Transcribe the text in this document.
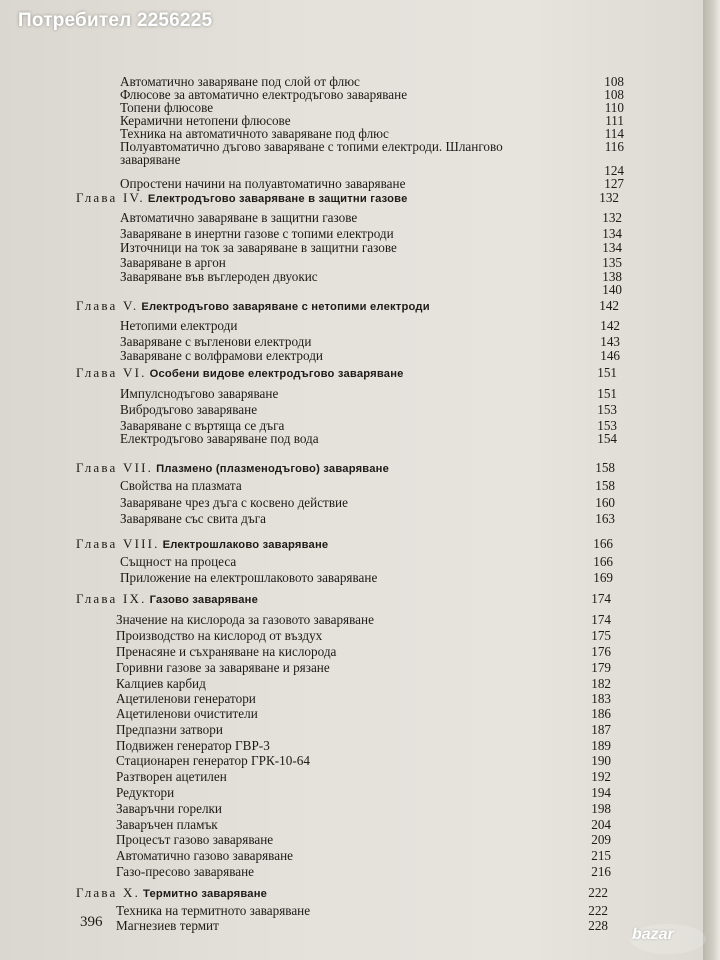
Потребител 2256225
Автоматично заваряване под слой от флюс	108
Флюсове за автоматично електродъгово заваряване	108
Топени флюсове	110
Керамични нетопени флюсове	111
Техника на автоматичното заваряване под флюс	114
Полуавтоматично дъгово заваряване с топими електроди. Шлангово	116
заваряване
124
Опростени начини на полуавтоматично заваряване	127
Глава IV. Електродъгово заваряване в защитни газове	132
Автоматично заваряване в защитни газове	132
Заваряване в инертни газове с топими електроди	134
Източници на ток за заваряване в защитни газове	134
Заваряване в аргон	135
Заваряване във въглероден двуокис	138
140
Глава V. Електродъгово заваряване с нетопими електроди	142
Нетопими електроди	142
Заваряване с въгленови електроди	143
Заваряване с волфрамови електроди	146
Глава VI. Особени видове електродъгово заваряване	151
Импулснодъгово заваряване	151
Вибродъгово заваряване	153
Заваряване с въртяща се дъга	153
Електродъгово заваряване под вода	154
Глава VII. Плазмено (плазменодъгово) заваряване	158
Свойства на плазмата	158
Заваряване чрез дъга с косвено действие	160
Заваряване със свита дъга	163
Глава VIII. Електрошлаково заваряване	166
Същност на процеса	166
Приложение на електрошлаковото заваряване	169
Глава IX. Газово заваряване	174
Значение на кислорода за газовото заваряване	174
Производство на кислород от въздух	175
Пренасяне и съхраняване на кислорода	176
Горивни газове за заваряване и рязане	179
Калциев карбид	182
Ацетиленови генератори	183
Ацетиленови очистители	186
Предпазни затвори	187
Подвижен генератор ГВР-3	189
Стационарен генератор ГРК-10-64	190
Разтворен ацетилен	192
Редуктори	194
Заваръчни горелки	198
Заваръчен пламък	204
Процесът газово заваряване	209
Автоматично газово заваряване	215
Газо-пресово заваряване	216
Глава X. Термитно заваряване	222
Техника на термитното заваряване	222
Магнезиев термит	228
396
bazar
